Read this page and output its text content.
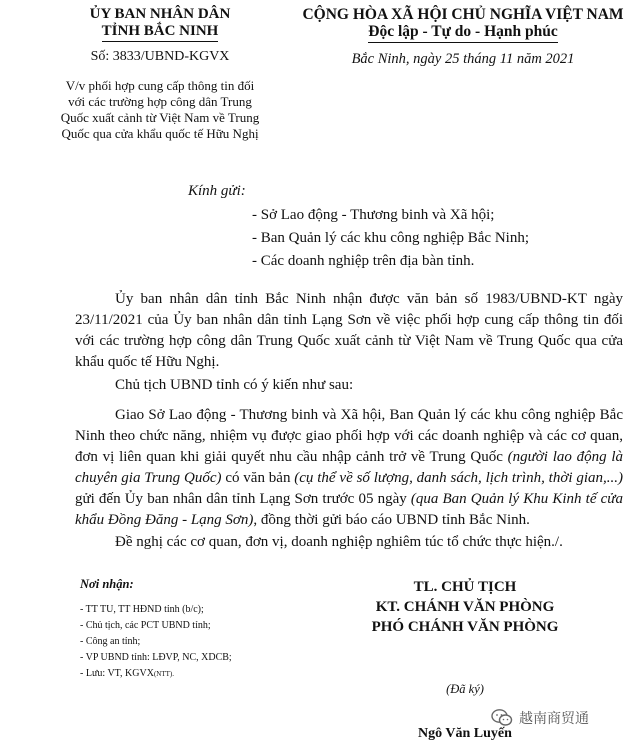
ỦY BAN NHÂN DÂN
TỈNH BẮC NINH
Số: 3833/UBND-KGVX
V/v phối hợp cung cấp thông tin đối
với các trường hợp công dân Trung
Quốc xuất cảnh từ Việt Nam về Trung
Quốc qua cửa khẩu quốc tế Hữu Nghị
CỘNG HÒA XÃ HỘI CHỦ NGHĨA VIỆT NAM
Độc lập - Tự do - Hạnh phúc
Bắc Ninh, ngày 25 tháng 11 năm 2021
Kính gửi:
- Sở Lao động - Thương binh và Xã hội;
- Ban Quản lý các khu công nghiệp Bắc Ninh;
- Các doanh nghiệp trên địa bàn tỉnh.
Ủy ban nhân dân tỉnh Bắc Ninh nhận được văn bản số 1983/UBND-KT ngày 23/11/2021 của Ủy ban nhân dân tỉnh Lạng Sơn về việc phối hợp cung cấp thông tin đối với các trường hợp công dân Trung Quốc xuất cảnh từ Việt Nam về Trung Quốc qua cửa khẩu quốc tế Hữu Nghị.
Chủ tịch UBND tỉnh có ý kiến như sau:
Giao Sở Lao động - Thương binh và Xã hội, Ban Quản lý các khu công nghiệp Bắc Ninh theo chức năng, nhiệm vụ được giao phối hợp với các doanh nghiệp và các cơ quan, đơn vị liên quan khi giải quyết nhu cầu nhập cảnh trở về Trung Quốc (người lao động là chuyên gia Trung Quốc) có văn bản (cụ thể về số lượng, danh sách, lịch trình, thời gian,...) gửi đến Ủy ban nhân dân tỉnh Lạng Sơn trước 05 ngày (qua Ban Quản lý Khu Kinh tế cửa khẩu Đồng Đăng - Lạng Sơn), đồng thời gửi báo cáo UBND tỉnh Bắc Ninh.
Đề nghị các cơ quan, đơn vị, doanh nghiệp nghiêm túc tổ chức thực hiện./.
Nơi nhận:
- TT TU, TT HĐND tỉnh (b/c);
- Chủ tịch, các PCT UBND tỉnh;
- Công an tỉnh;
- VP UBND tỉnh: LĐVP, NC, XDCB;
- Lưu: VT, KGVX(NTT).
TL. CHỦ TỊCH
KT. CHÁNH VĂN PHÒNG
PHÓ CHÁNH VĂN PHÒNG
(Đã ký)
Ngô Văn Luyến
越南商贸通
